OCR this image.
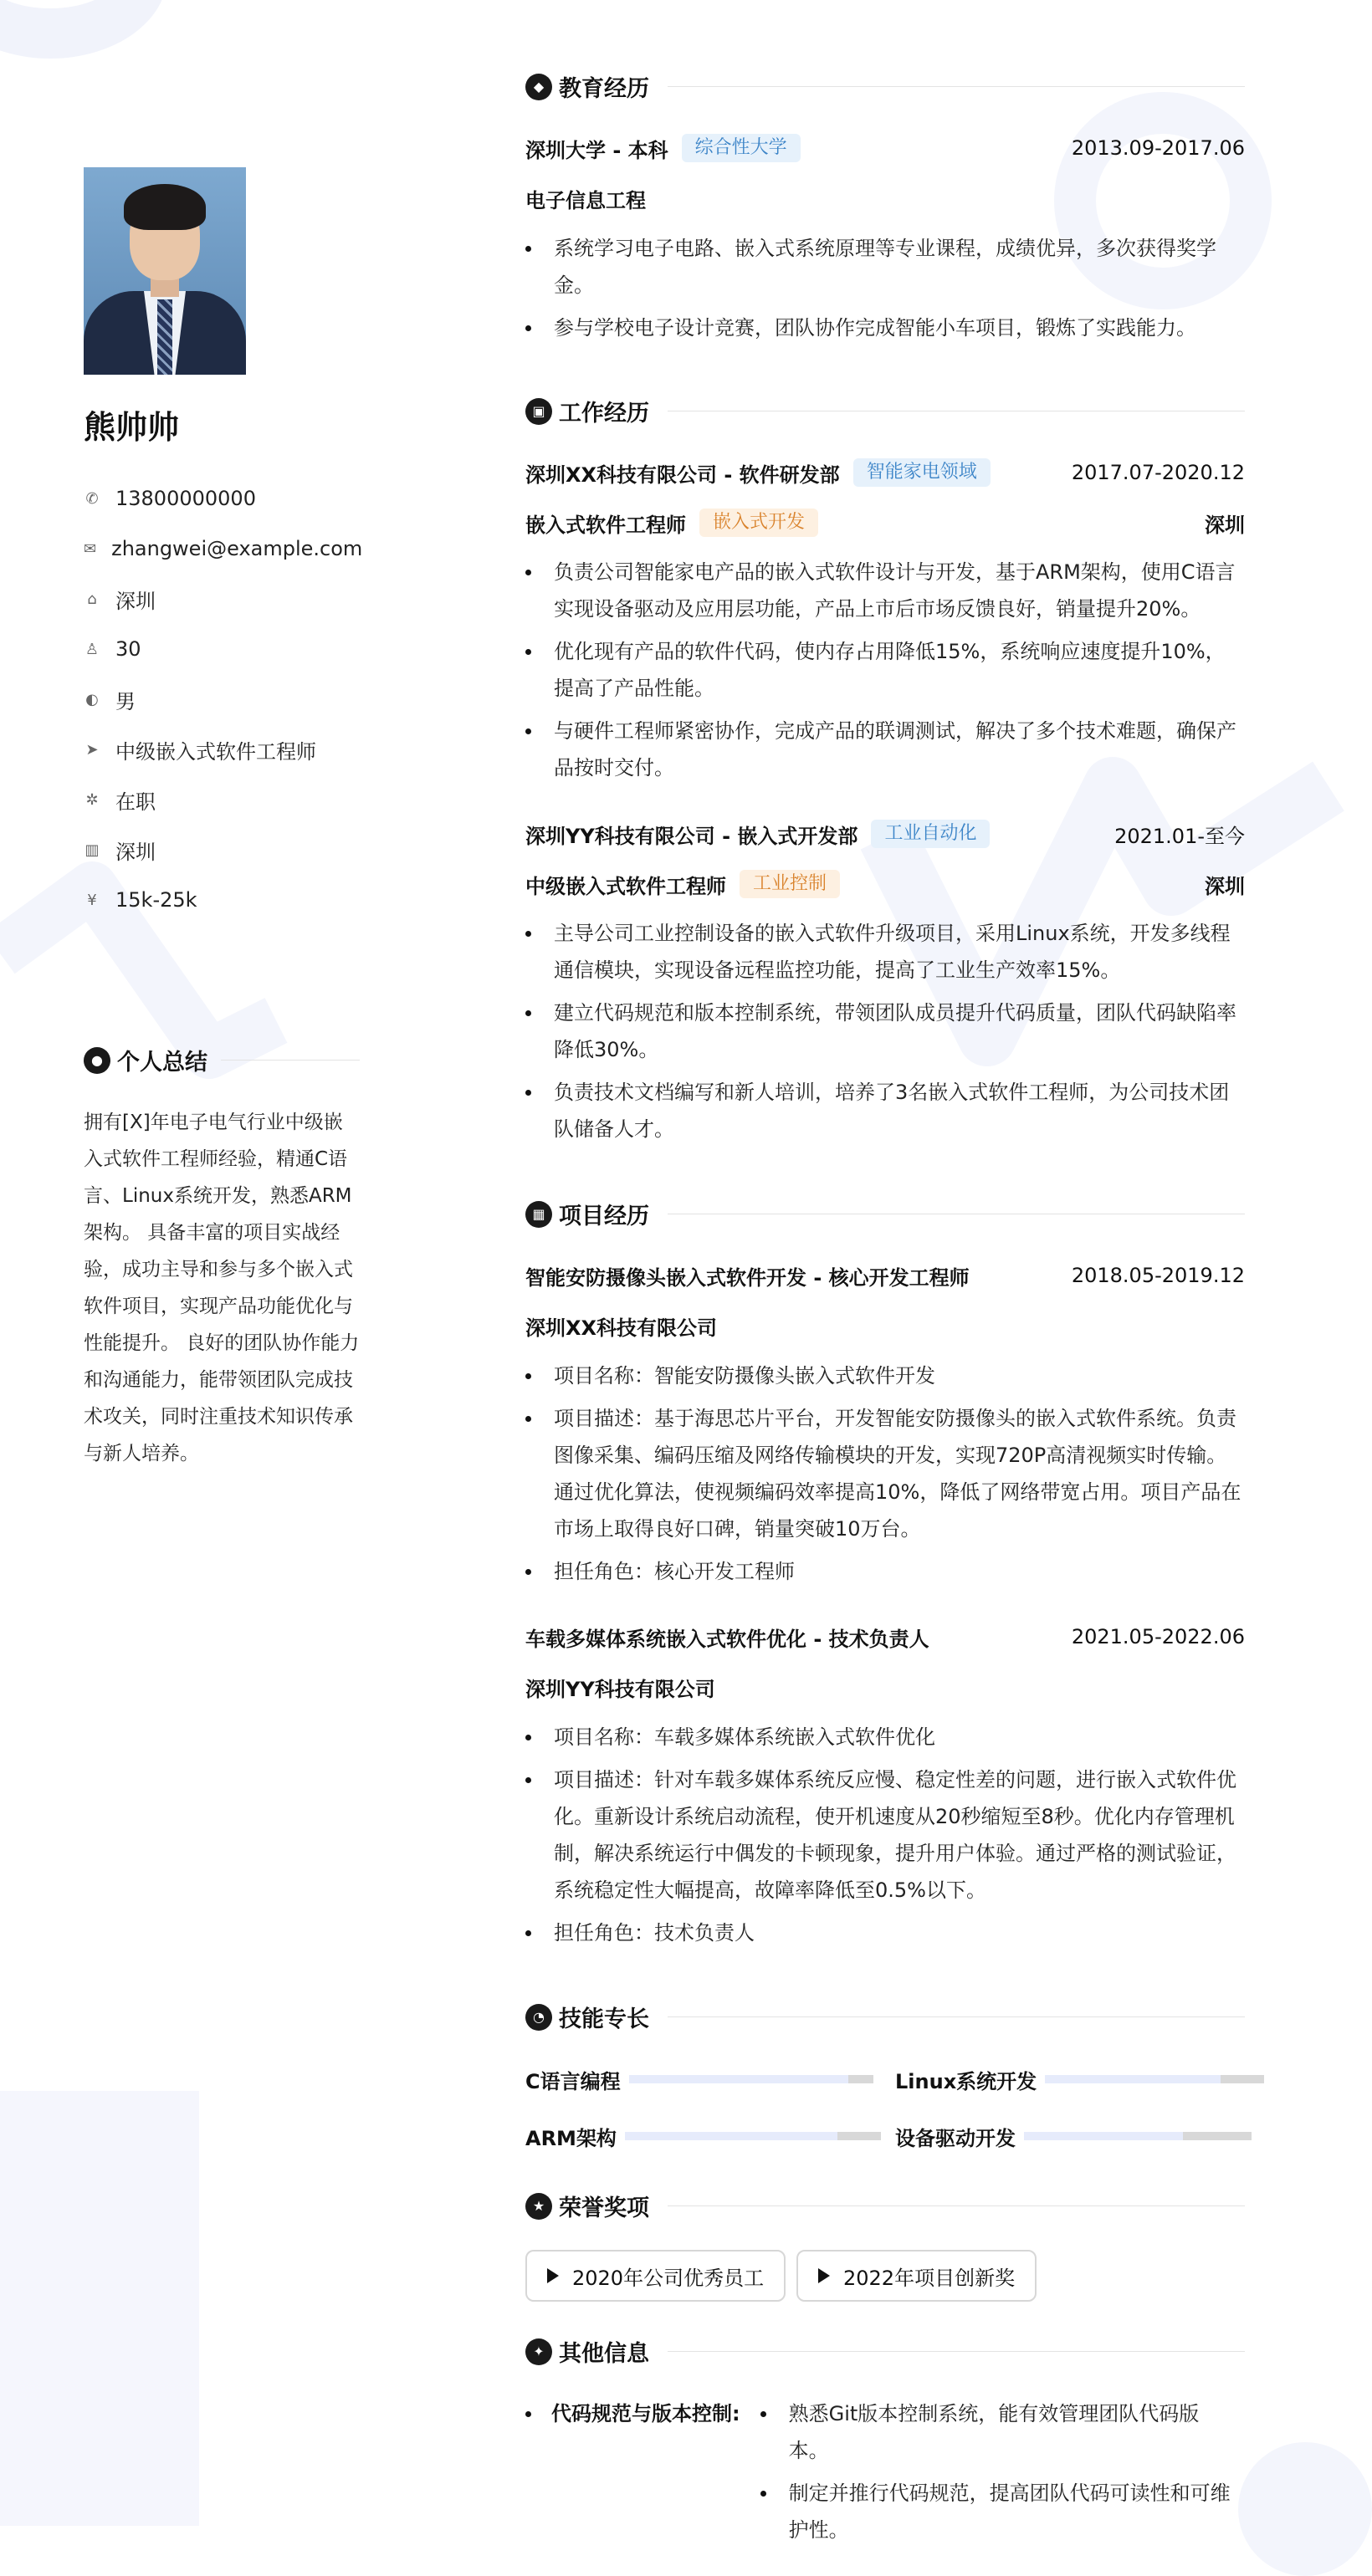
熊帅帅
✆ 13800000000
✉ zhangwei@example.com
⌂ 深圳
♙ 30
◐ 男
➤ 中级嵌入式软件工程师
✲ 在职
▥ 深圳
¥ 15k-25k
● 个人总结
拥有[X]年电子电气行业中级嵌入式软件工程师经验，精通C语言、Linux系统开发，熟悉ARM架构。 具备丰富的项目实战经验，成功主导和参与多个嵌入式软件项目，实现产品功能优化与性能提升。 良好的团队协作能力和沟通能力，能带领团队完成技术攻关，同时注重技术知识传承与新人培养。
◆ 教育经历
深圳大学 - 本科	综合性大学	2013.09-2017.06
电子信息工程
系统学习电子电路、嵌入式系统原理等专业课程，成绩优异，多次获得奖学金。
参与学校电子设计竞赛，团队协作完成智能小车项目，锻炼了实践能力。
▣ 工作经历
深圳XX科技有限公司 - 软件研发部	智能家电领域	2017.07-2020.12
嵌入式软件工程师	嵌入式开发	深圳
负责公司智能家电产品的嵌入式软件设计与开发，基于ARM架构，使用C语言实现设备驱动及应用层功能，产品上市后市场反馈良好，销量提升20%。
优化现有产品的软件代码，使内存占用降低15%，系统响应速度提升10%，提高了产品性能。
与硬件工程师紧密协作，完成产品的联调测试，解决了多个技术难题，确保产品按时交付。
深圳YY科技有限公司 - 嵌入式开发部	工业自动化	2021.01-至今
中级嵌入式软件工程师	工业控制	深圳
主导公司工业控制设备的嵌入式软件升级项目，采用Linux系统，开发多线程通信模块，实现设备远程监控功能，提高了工业生产效率15%。
建立代码规范和版本控制系统，带领团队成员提升代码质量，团队代码缺陷率降低30%。
负责技术文档编写和新人培训，培养了3名嵌入式软件工程师，为公司技术团队储备人才。
▦ 项目经历
智能安防摄像头嵌入式软件开发 - 核心开发工程师	2018.05-2019.12
深圳XX科技有限公司
项目名称：智能安防摄像头嵌入式软件开发
项目描述：基于海思芯片平台，开发智能安防摄像头的嵌入式软件系统。负责图像采集、编码压缩及网络传输模块的开发，实现720P高清视频实时传输。通过优化算法，使视频编码效率提高10%，降低了网络带宽占用。项目产品在市场上取得良好口碑，销量突破10万台。
担任角色：核心开发工程师
车载多媒体系统嵌入式软件优化 - 技术负责人	2021.05-2022.06
深圳YY科技有限公司
项目名称：车载多媒体系统嵌入式软件优化
项目描述：针对车载多媒体系统反应慢、稳定性差的问题，进行嵌入式软件优化。重新设计系统启动流程，使开机速度从20秒缩短至8秒。优化内存管理机制，解决系统运行中偶发的卡顿现象，提升用户体验。通过严格的测试验证，系统稳定性大幅提高，故障率降低至0.5%以下。
担任角色：技术负责人
◔ 技能专长
C语言编程	Linux系统开发
ARM架构	设备驱动开发
★ 荣誉奖项
2020年公司优秀员工	2022年项目创新奖
✦ 其他信息
代码规范与版本控制:	熟悉Git版本控制系统，能有效管理团队代码版本。
制定并推行代码规范，提高团队代码可读性和可维护性。
